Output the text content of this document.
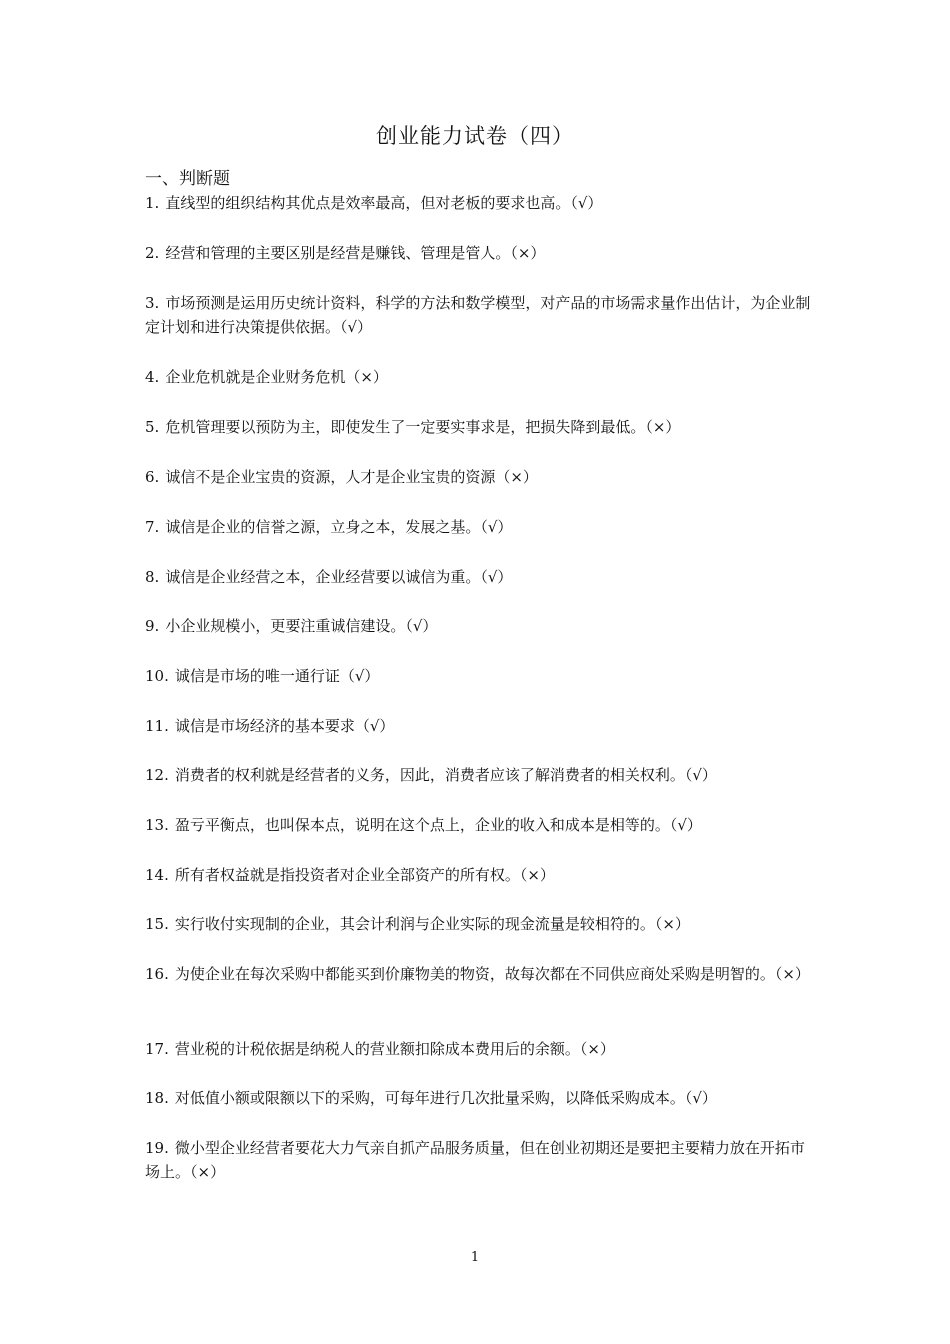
创业能力试卷（四）
一、判断题
1. 直线型的组织结构其优点是效率最高，但对老板的要求也高。（√）
2. 经营和管理的主要区别是经营是赚钱、管理是管人。（×）
3. 市场预测是运用历史统计资料，科学的方法和数学模型，对产品的市场需求量作出估计，为企业制定计划和进行决策提供依据。（√）
4. 企业危机就是企业财务危机（×）
5. 危机管理要以预防为主，即使发生了一定要实事求是，把损失降到最低。（×）
6. 诚信不是企业宝贵的资源，人才是企业宝贵的资源（×）
7. 诚信是企业的信誉之源，立身之本，发展之基。（√）
8. 诚信是企业经营之本，企业经营要以诚信为重。（√）
9. 小企业规模小，更要注重诚信建设。（√）
10. 诚信是市场的唯一通行证（√）
11. 诚信是市场经济的基本要求（√）
12. 消费者的权利就是经营者的义务，因此，消费者应该了解消费者的相关权利。（√）
13. 盈亏平衡点，也叫保本点，说明在这个点上，企业的收入和成本是相等的。（√）
14. 所有者权益就是指投资者对企业全部资产的所有权。（×）
15. 实行收付实现制的企业，其会计利润与企业实际的现金流量是较相符的。（×）
16. 为使企业在每次采购中都能买到价廉物美的物资，故每次都在不同供应商处采购是明智的。（×）
17. 营业税的计税依据是纳税人的营业额扣除成本费用后的余额。（×）
18. 对低值小额或限额以下的采购，可每年进行几次批量采购，以降低采购成本。（√）
19. 微小型企业经营者要花大力气亲自抓产品服务质量，但在创业初期还是要把主要精力放在开拓市场上。（×）
1
